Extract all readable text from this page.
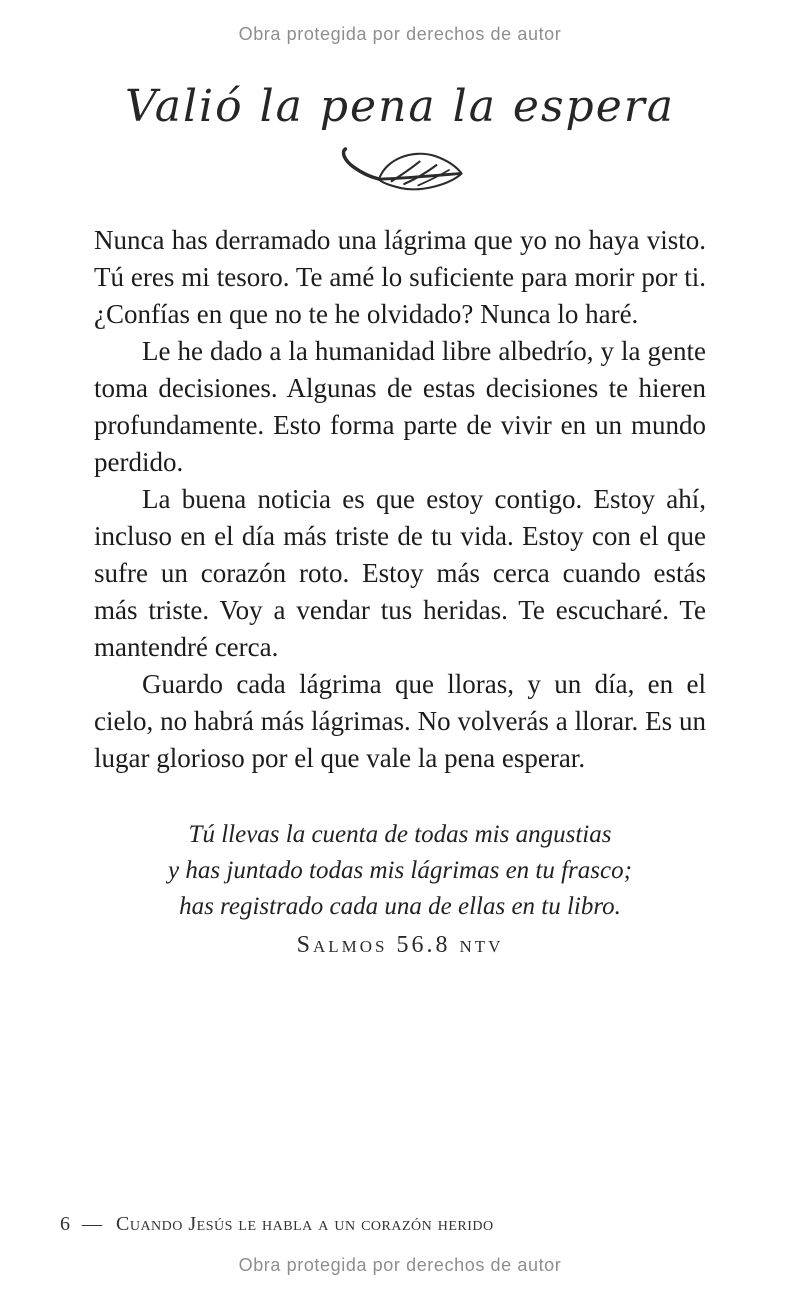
Obra protegida por derechos de autor
Valió la pena la espera

Nunca has derramado una lágrima que yo no haya visto. Tú eres mi tesoro. Te amé lo suficiente para morir por ti. ¿Confías en que no te he olvidado? Nunca lo haré.

Le he dado a la humanidad libre albedrío, y la gente toma decisiones. Algunas de estas decisiones te hieren profundamente. Esto forma parte de vivir en un mundo perdido.

La buena noticia es que estoy contigo. Estoy ahí, incluso en el día más triste de tu vida. Estoy con el que sufre un corazón roto. Estoy más cerca cuando estás más triste. Voy a vendar tus heridas. Te escucharé. Te mantendré cerca.

Guardo cada lágrima que lloras, y un día, en el cielo, no habrá más lágrimas. No volverás a llorar. Es un lugar glorioso por el que vale la pena esperar.

Tú llevas la cuenta de todas mis angustias
y has juntado todas mis lágrimas en tu frasco;
has registrado cada una de ellas en tu libro.
Salmos 56.8 ntv
6 — Cuando Jesús le habla a un corazón herido
Obra protegida por derechos de autor
